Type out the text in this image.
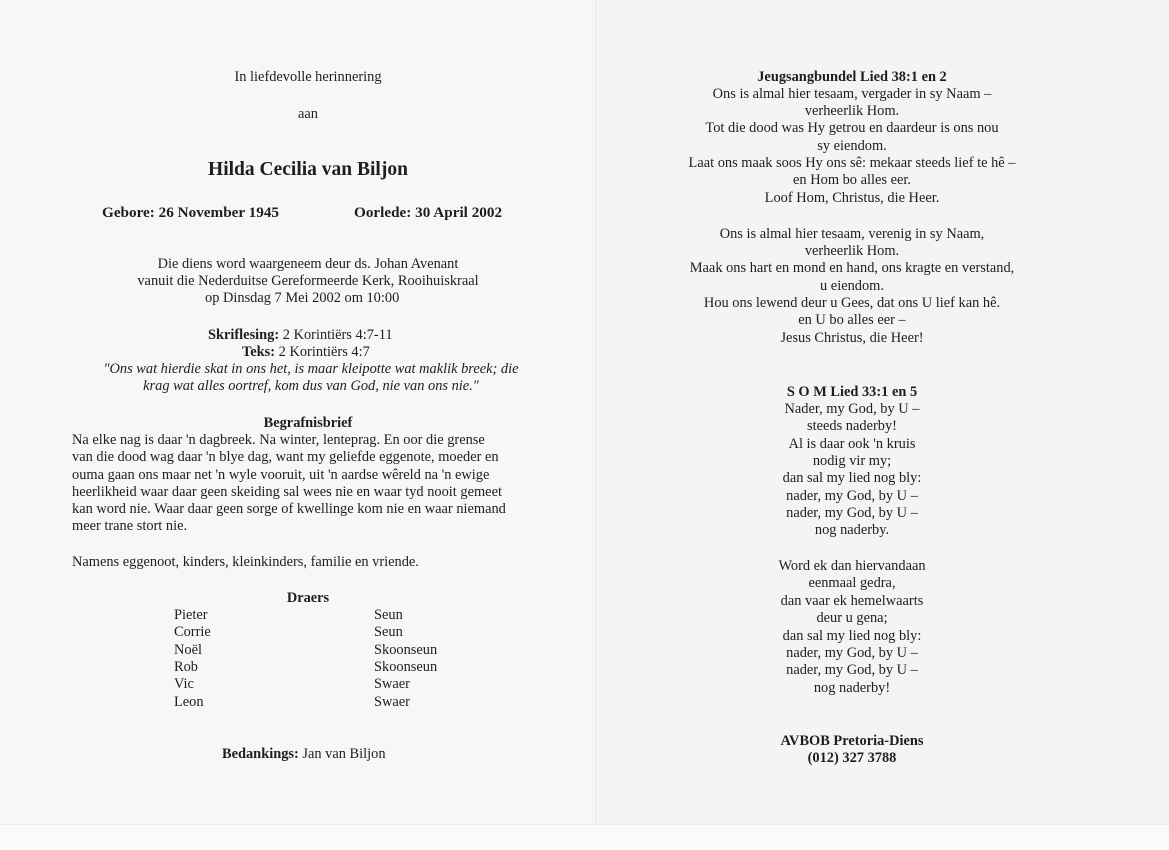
In liefdevolle herinnering
aan
Hilda Cecilia van Biljon
Gebore: 26 November 1945	Oorlede: 30 April 2002
Die diens word waargeneem deur ds. Johan Avenant
vanuit die Nederduitse Gereformeerde Kerk, Rooihuiskraal
op Dinsdag 7 Mei 2002 om 10:00
Skriflesing: 2 Korintiërs 4:7-11
Teks: 2 Korintiërs 4:7
"Ons wat hierdie skat in ons het, is maar kleipotte wat maklik breek; die
krag wat alles oortref, kom dus van God, nie van ons nie."
Begrafnisbrief
Na elke nag is daar 'n dagbreek. Na winter, lenteprag. En oor die grense
van die dood wag daar 'n blye dag, want my geliefde eggenote, moeder en
ouma gaan ons maar net 'n wyle vooruit, uit 'n aardse wêreld na 'n ewige
heerlikheid waar daar geen skeiding sal wees nie en waar tyd nooit gemeet
kan word nie. Waar daar geen sorge of kwellinge kom nie en waar niemand
meer trane stort nie.
Namens eggenoot, kinders, kleinkinders, familie en vriende.
Draers
Pieter	Seun
Corrie	Seun
Noël	Skoonseun
Rob	Skoonseun
Vic	Swaer
Leon	Swaer
Bedankings: Jan van Biljon
Jeugsangbundel Lied 38:1 en 2
Ons is almal hier tesaam, vergader in sy Naam –
verheerlik Hom.
Tot die dood was Hy getrou en daardeur is ons nou
sy eiendom.
Laat ons maak soos Hy ons sê: mekaar steeds lief te hê –
en Hom bo alles eer.
Loof Hom, Christus, die Heer.
Ons is almal hier tesaam, verenig in sy Naam,
verheerlik Hom.
Maak ons hart en mond en hand, ons kragte en verstand,
u eiendom.
Hou ons lewend deur u Gees, dat ons U lief kan hê.
en U bo alles eer –
Jesus Christus, die Heer!
S O M Lied 33:1 en 5
Nader, my God, by U –
steeds naderby!
Al is daar ook 'n kruis
nodig vir my;
dan sal my lied nog bly:
nader, my God, by U –
nader, my God, by U –
nog naderby.
Word ek dan hiervandaan
eenmaal gedra,
dan vaar ek hemelwaarts
deur u gena;
dan sal my lied nog bly:
nader, my God, by U –
nader, my God, by U –
nog naderby!
AVBOB Pretoria-Diens
(012) 327 3788
